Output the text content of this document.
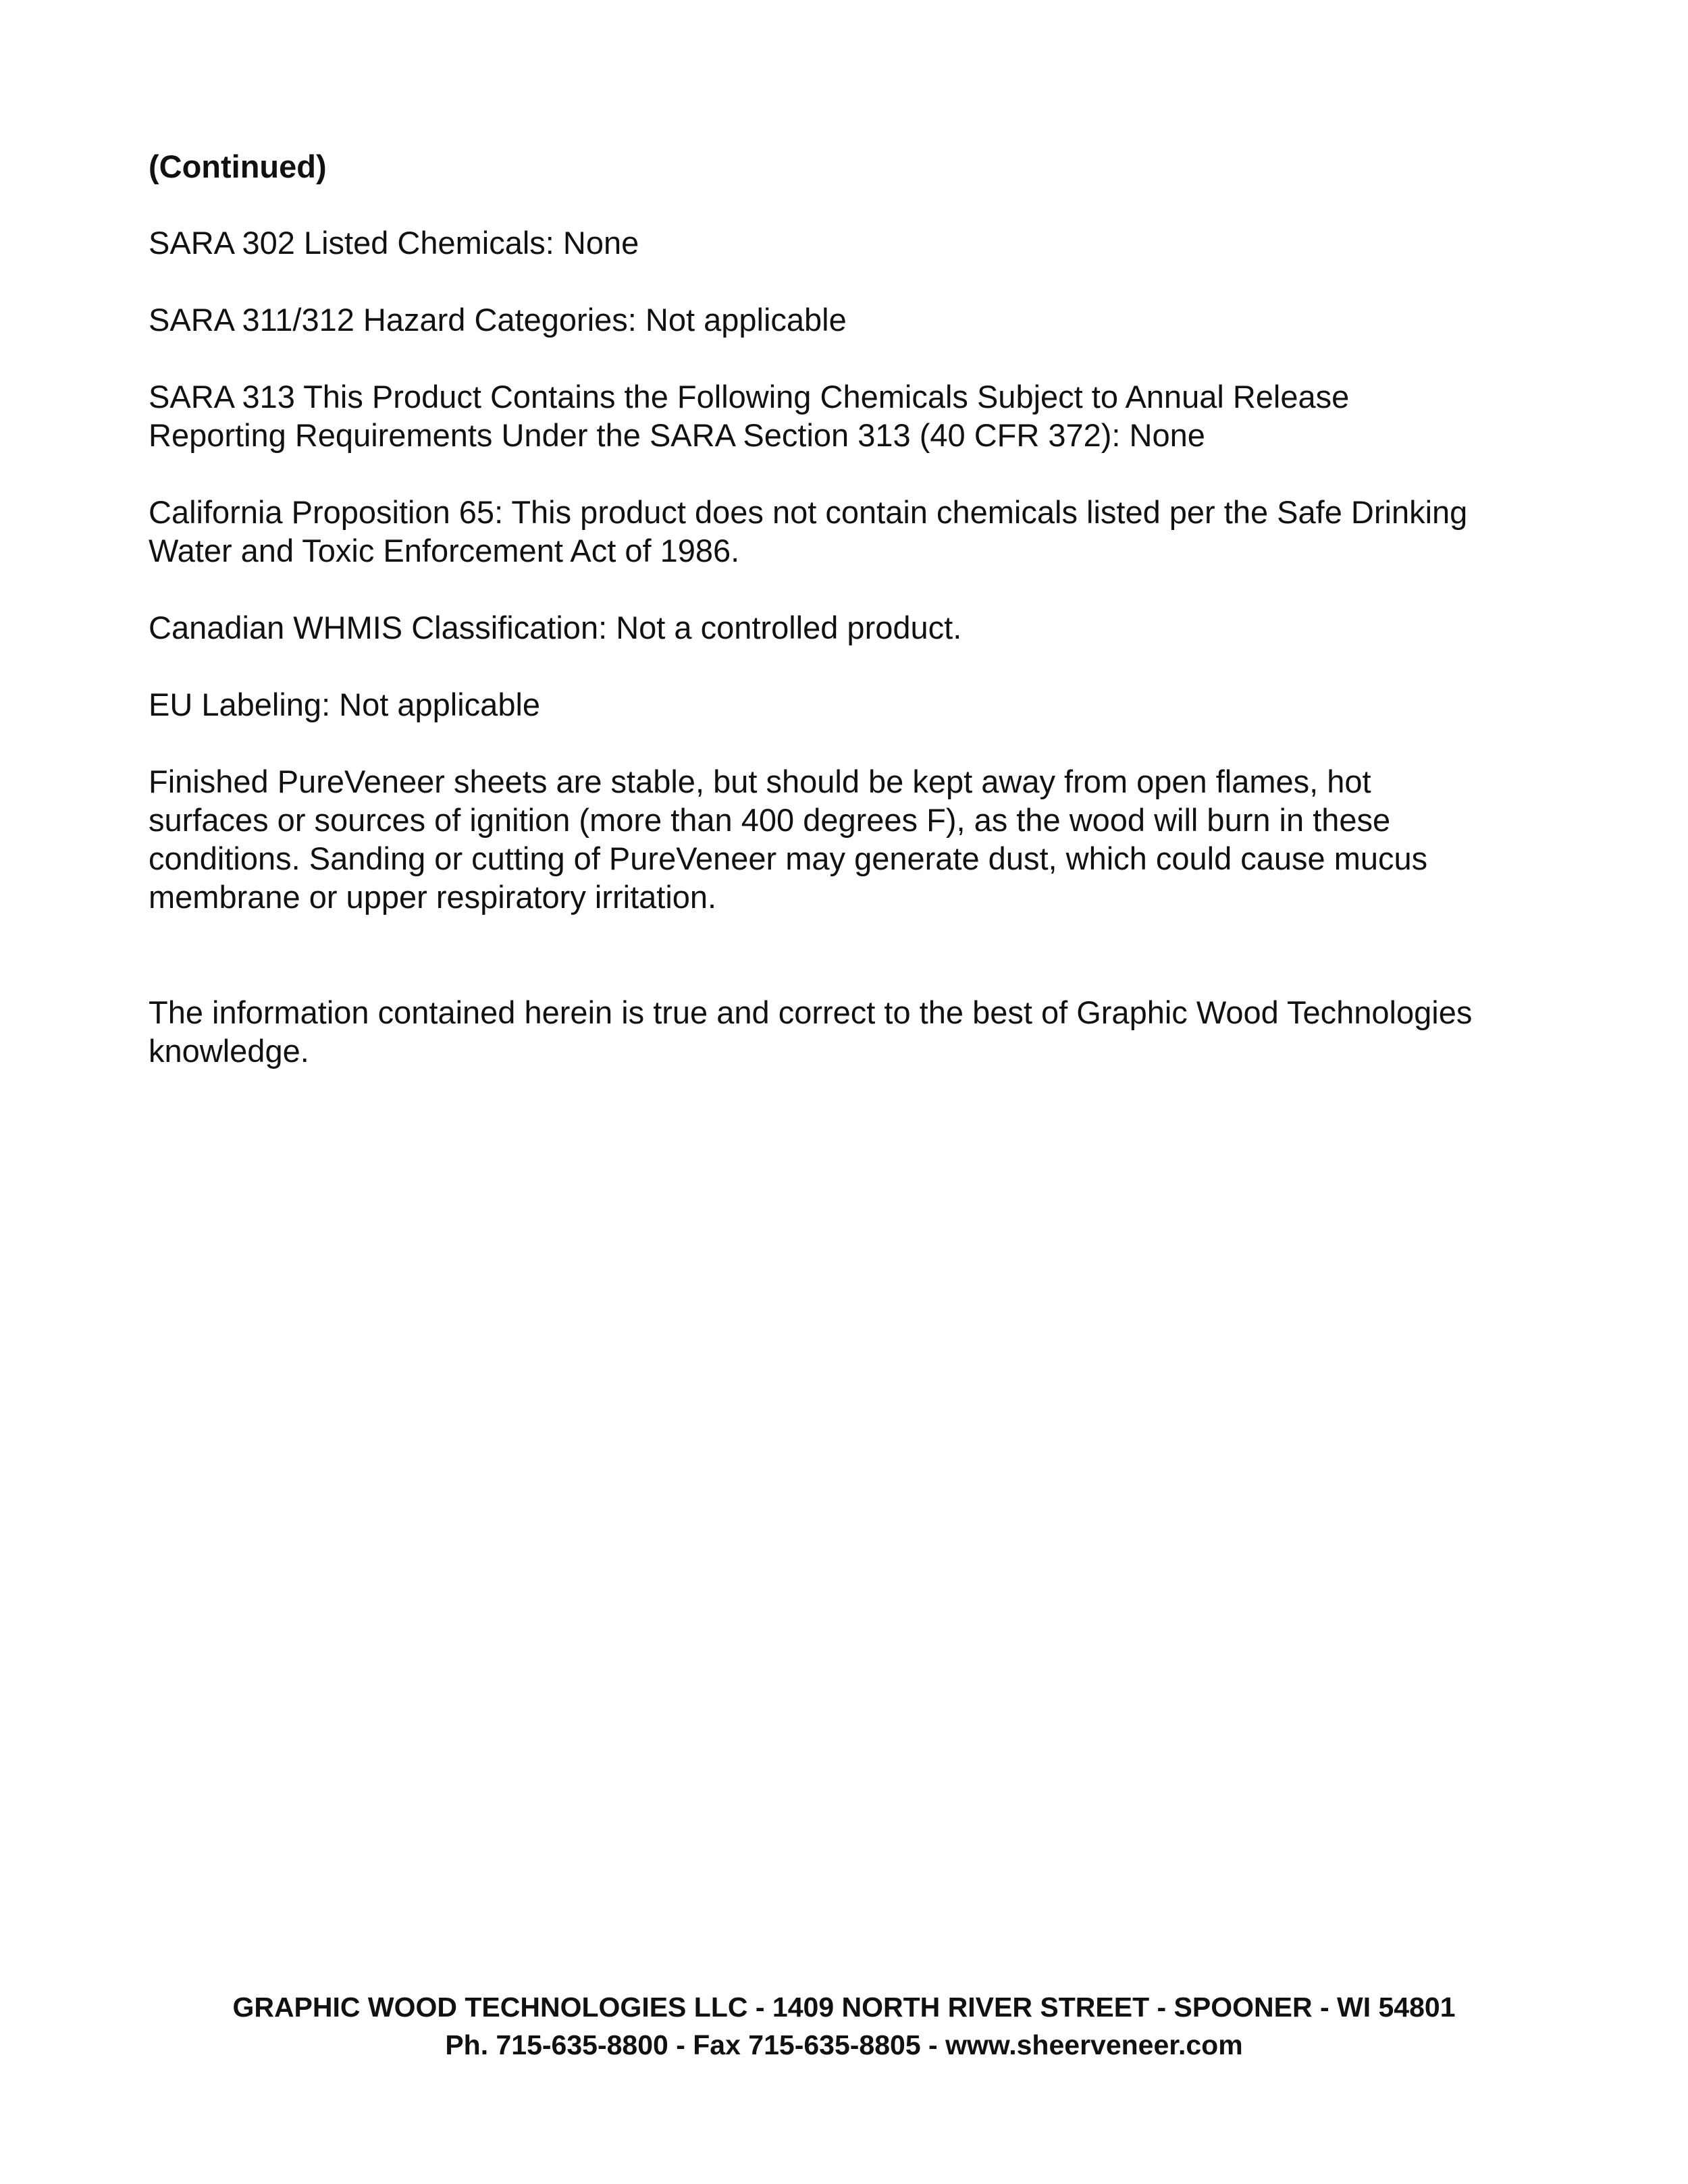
(Continued)

SARA 302 Listed Chemicals: None

SARA 311/312 Hazard Categories: Not applicable

SARA 313 This Product Contains the Following Chemicals Subject to Annual Release
Reporting Requirements Under the SARA Section 313 (40 CFR 372): None

California Proposition 65: This product does not contain chemicals listed per the Safe Drinking
Water and Toxic Enforcement Act of 1986.

Canadian WHMIS Classification: Not a controlled product.

EU Labeling: Not applicable

Finished PureVeneer sheets are stable, but should be kept away from open flames, hot
surfaces or sources of ignition (more than 400 degrees F), as the wood will burn in these
conditions. Sanding or cutting of PureVeneer may generate dust, which could cause mucus
membrane or upper respiratory irritation.

The information contained herein is true and correct to the best of Graphic Wood Technologies
knowledge.

GRAPHIC WOOD TECHNOLOGIES LLC - 1409 NORTH RIVER STREET - SPOONER - WI 54801
Ph. 715-635-8800 - Fax 715-635-8805 - www.sheerveneer.com
